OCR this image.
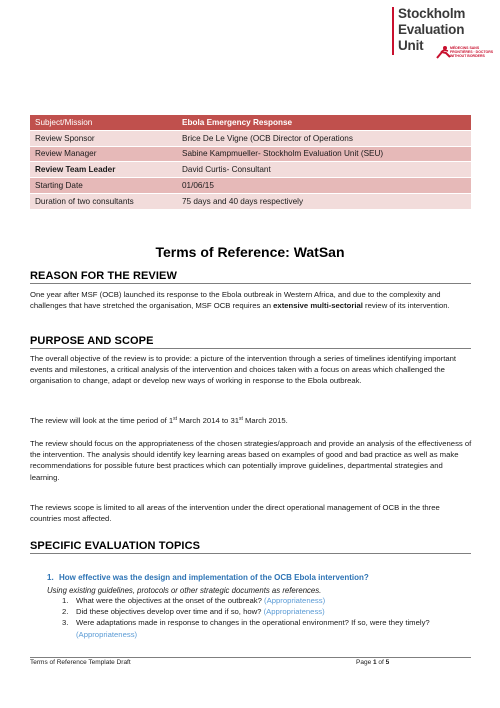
Stockholm
Evaluation
Unit	MÉDECINS SANS FRONTIÈRES · DOCTORS WITHOUT BORDERS
Subject/Mission	Ebola Emergency Response
Review Sponsor	Brice De Le Vigne (OCB Director of Operations
Review Manager	Sabine Kampmueller- Stockholm Evaluation Unit (SEU)
Review Team Leader	David Curtis- Consultant
Starting Date	01/06/15
Duration of two consultants	75 days and 40 days respectively
Terms of Reference: WatSan
REASON FOR THE REVIEW
One year after MSF (OCB) launched its response to the Ebola outbreak in Western Africa, and due to the complexity and challenges that have stretched the organisation, MSF OCB requires an extensive multi-sectorial review of its intervention.
PURPOSE AND SCOPE
The overall objective of the review is to provide: a picture of the intervention through a series of timelines identifying important events and milestones, a critical analysis of the intervention and choices taken with a focus on areas which challenged the organisation to change, adapt or develop new ways of working in response to the Ebola outbreak.
The review will look at the time period of 1st March 2014 to 31st March 2015.
The review should focus on the appropriateness of the chosen strategies/approach and provide an analysis of the effectiveness of the intervention. The analysis should identify key learning areas based on examples of good and bad practice as well as make recommendations for possible future best practices which can potentially improve guidelines, departmental strategies and learning.
The reviews scope is limited to all areas of the intervention under the direct operational management of OCB in the three countries most affected.
SPECIFIC EVALUATION TOPICS
1. How effective was the design and implementation of the OCB Ebola intervention?
Using existing guidelines, protocols or other strategic documents as references.
1. What were the objectives at the onset of the outbreak? (Appropriateness)
2. Did these objectives develop over time and if so, how? (Appropriateness)
3. Were adaptations made in response to changes in the operational environment? If so, were they timely? (Appropriateness)
Terms of Reference Template Draft	Page 1 of 5
